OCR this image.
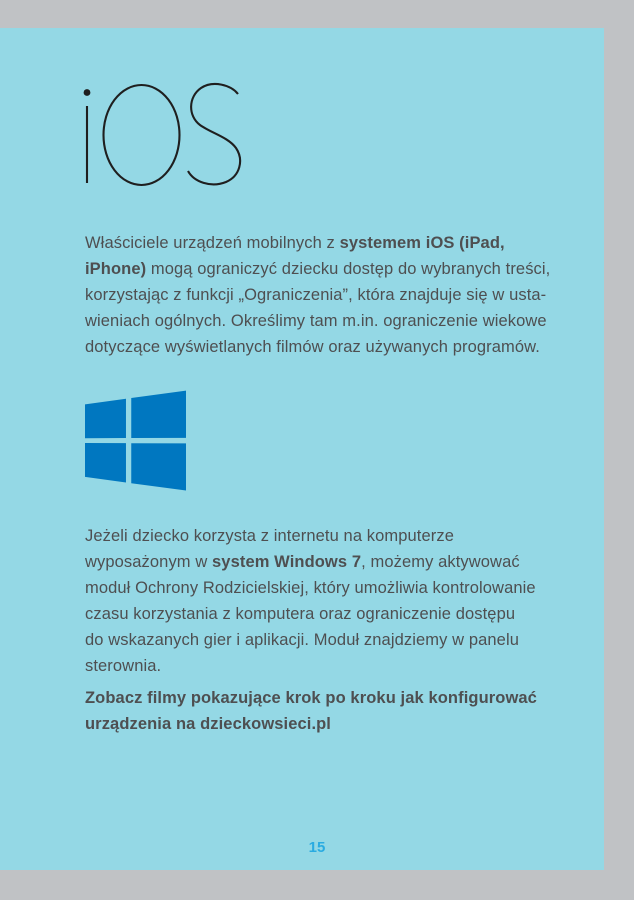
Właściciele urządzeń mobilnych z systemem iOS (iPad,
iPhone) mogą ograniczyć dziecku dostęp do wybranych treści,
korzystając z funkcji „Ograniczenia”, która znajduje się w usta-
wieniach ogólnych. Określimy tam m.in. ograniczenie wiekowe
dotyczące wyświetlanych filmów oraz używanych programów.

Jeżeli dziecko korzysta z internetu na komputerze
wyposażonym w system Windows 7, możemy aktywować
moduł Ochrony Rodzicielskiej, który umożliwia kontrolowanie
czasu korzystania z komputera oraz ograniczenie dostępu
do wskazanych gier i aplikacji. Moduł znajdziemy w panelu
sterownia.

Zobacz filmy pokazujące krok po kroku jak konfigurować
urządzenia na dzieckowsieci.pl

15
